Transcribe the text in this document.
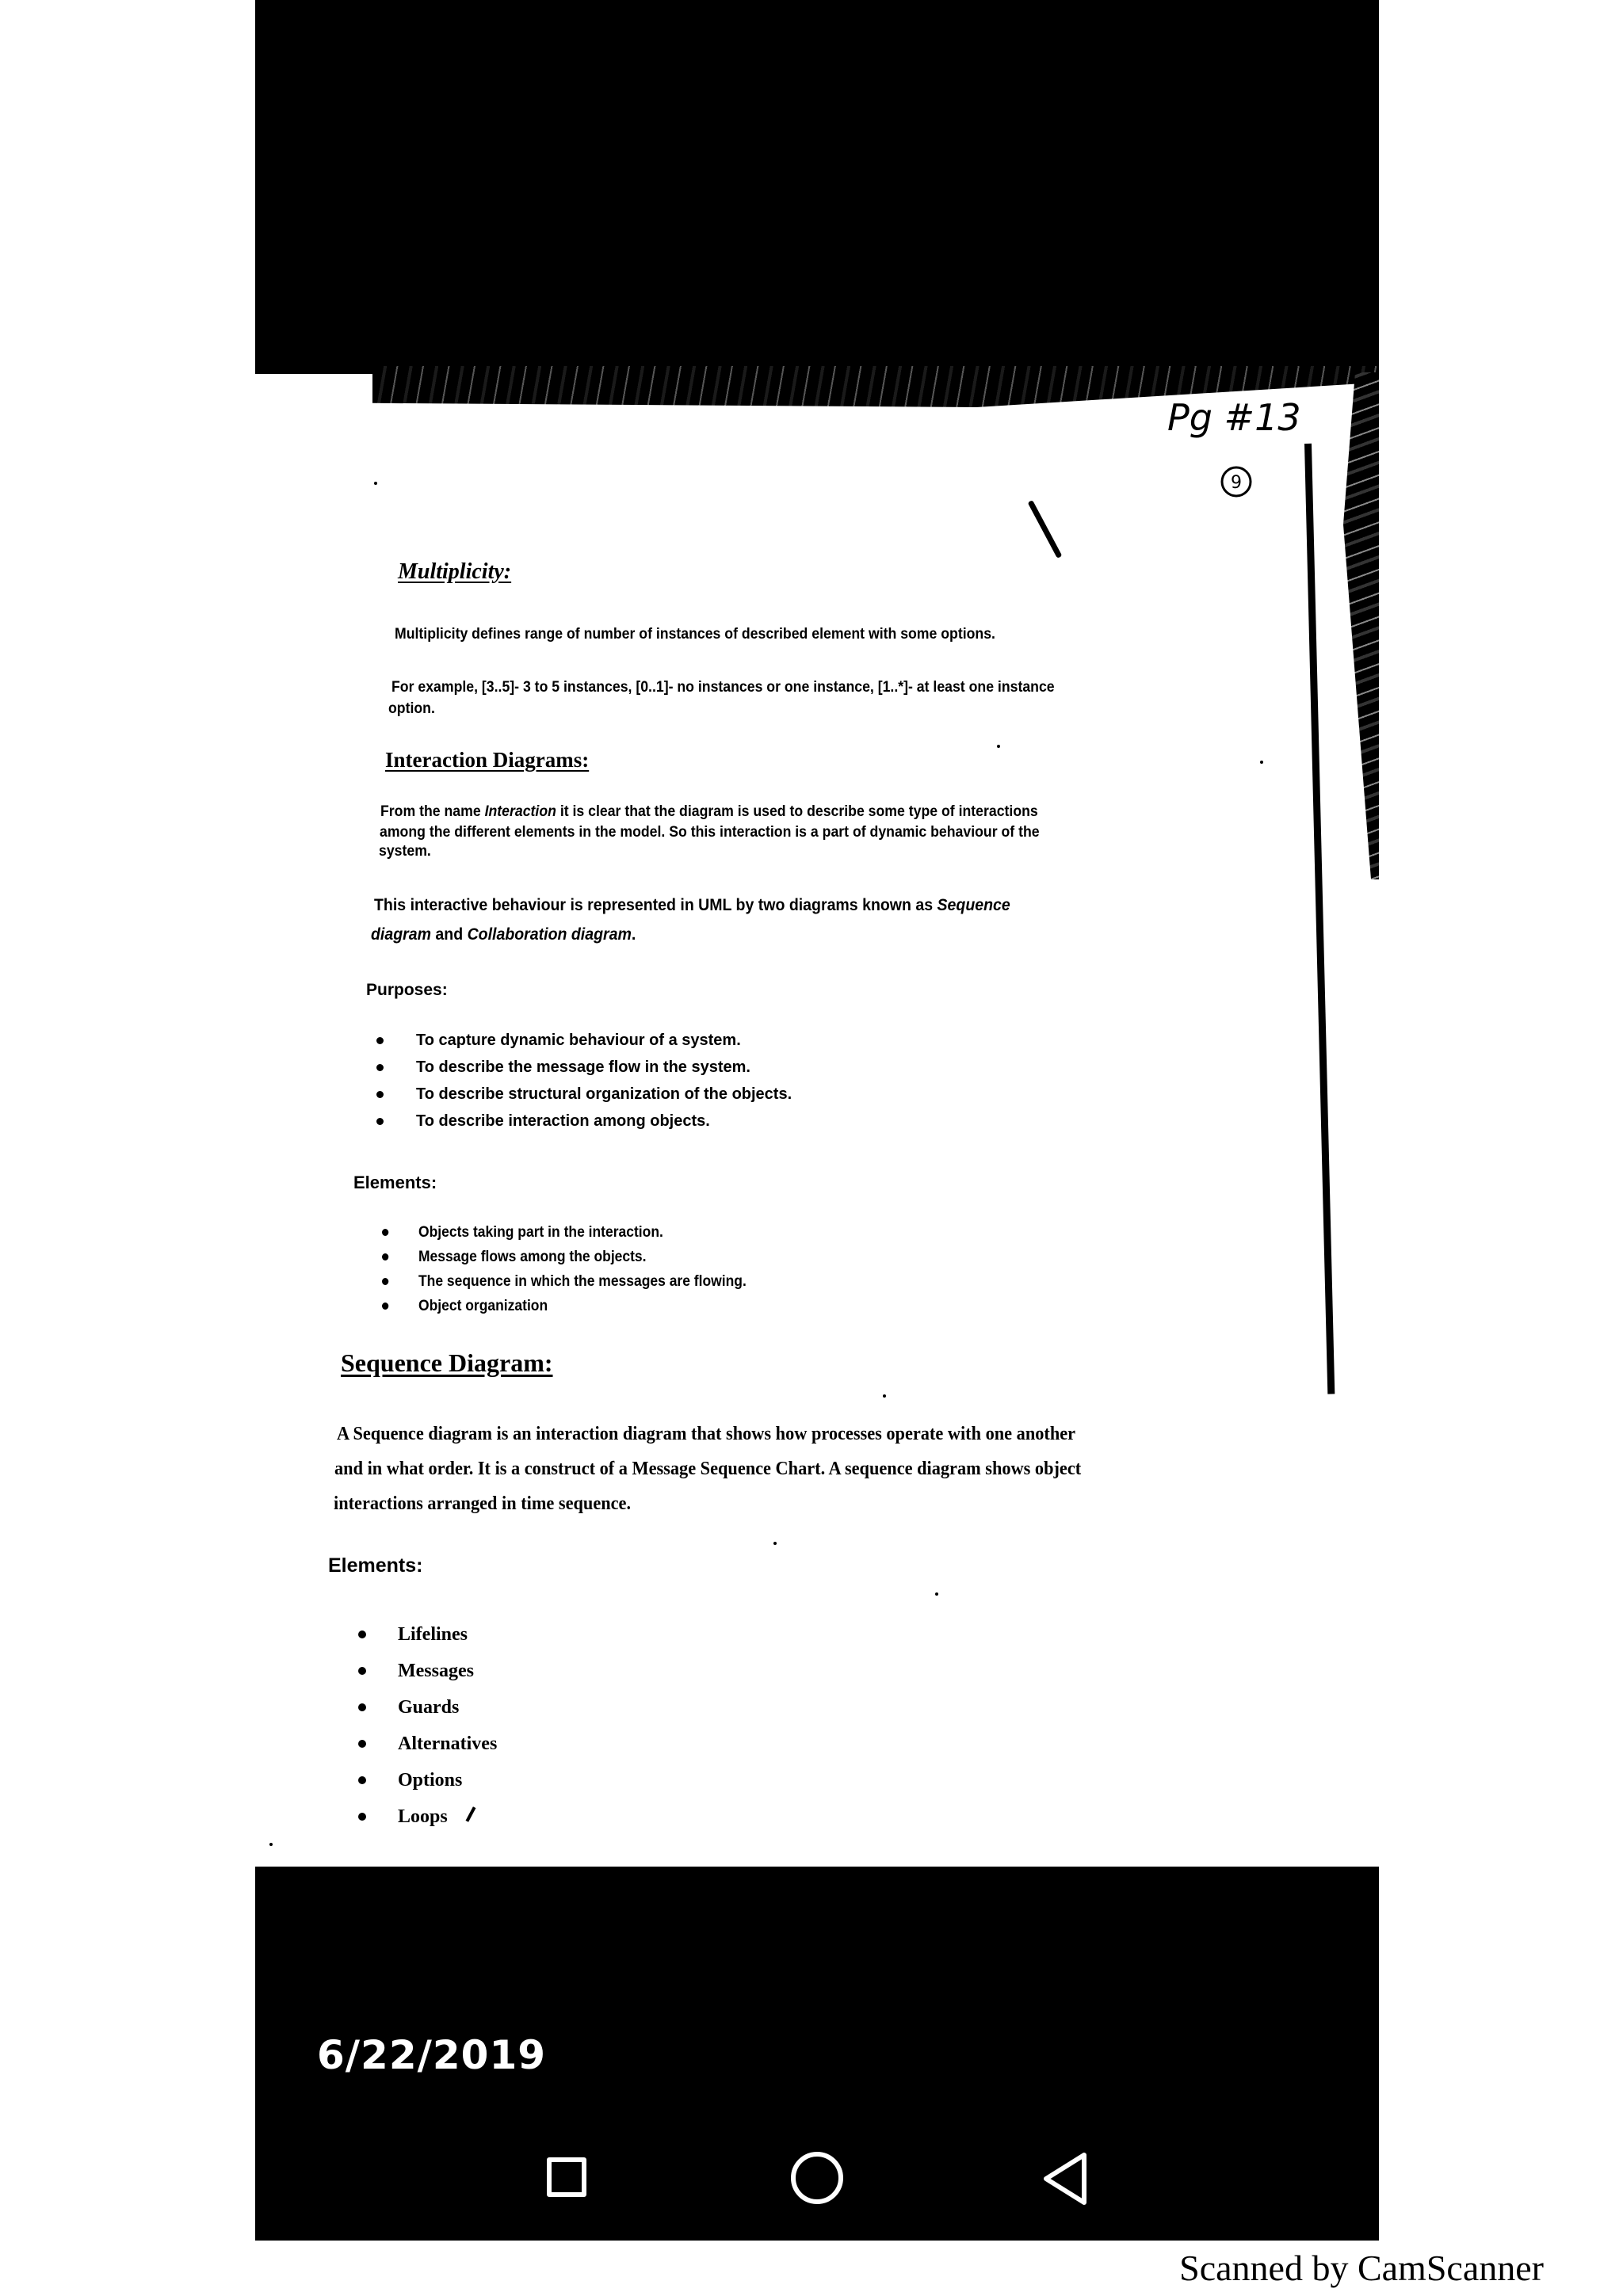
Pg #13
9
Multiplicity:
Multiplicity defines range of number of instances of described element with some options.
For example, [3..5]- 3 to 5 instances, [0..1]- no instances or one instance, [1..*]- at least one instance
option.
Interaction Diagrams:
From the name Interaction it is clear that the diagram is used to describe some type of interactions
among the different elements in the model. So this interaction is a part of dynamic behaviour of the
system.
This interactive behaviour is represented in UML by two diagrams known as Sequence
diagram and Collaboration diagram.
Purposes:
To capture dynamic behaviour of a system.
To describe the message flow in the system.
To describe structural organization of the objects.
To describe interaction among objects.
Elements:
Objects taking part in the interaction.
Message flows among the objects.
The sequence in which the messages are flowing.
Object organization
Sequence Diagram:
A Sequence diagram is an interaction diagram that shows how processes operate with one another
and in what order. It is a construct of a Message Sequence Chart. A sequence diagram shows object
interactions arranged in time sequence.
Elements:
Lifelines
Messages
Guards
Alternatives
Options
Loops
6/22/2019
Scanned by CamScanner
